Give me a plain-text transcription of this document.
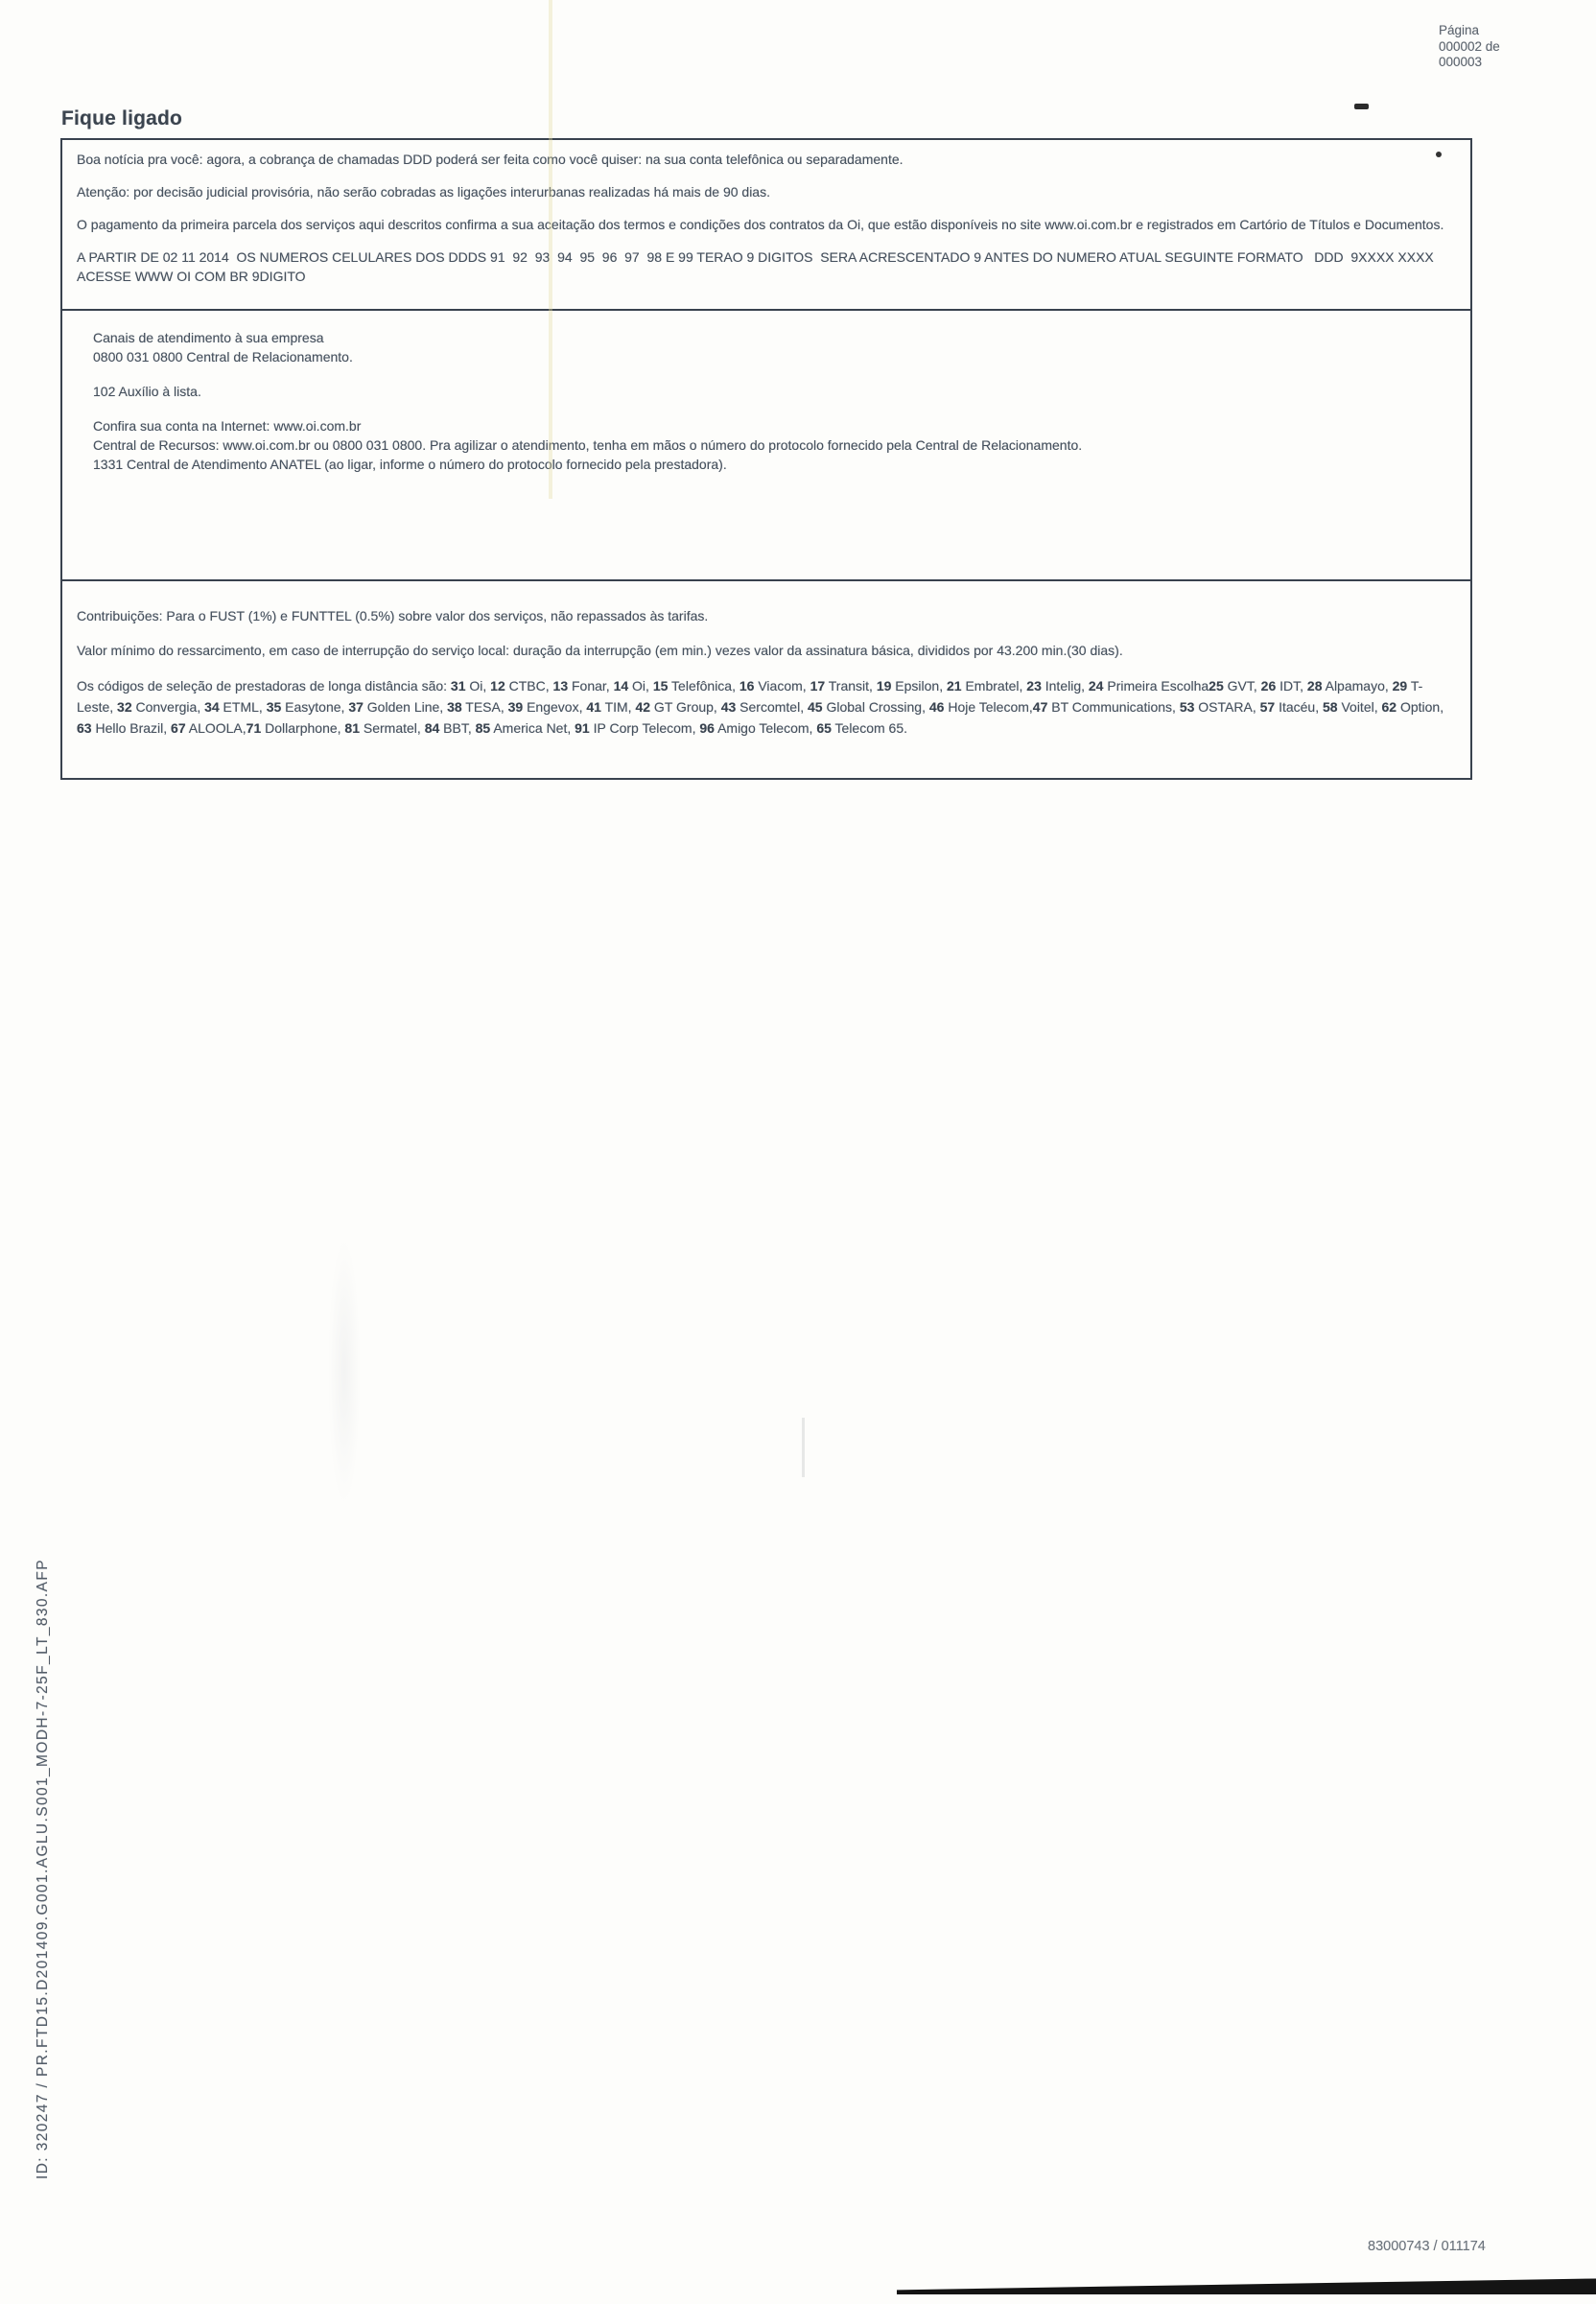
Página
000002 de
000003
Fique ligado

Boa notícia pra você: agora, a cobrança de chamadas DDD poderá ser feita como você quiser: na sua conta telefônica ou separadamente.

Atenção: por decisão judicial provisória, não serão cobradas as ligações interurbanas realizadas há mais de 90 dias.

O pagamento da primeira parcela dos serviços aqui descritos confirma a sua aceitação dos termos e condições dos contratos da Oi, que estão disponíveis no site www.oi.com.br e registrados em Cartório de Títulos e Documentos.

A PARTIR DE 02 11 2014  OS NUMEROS CELULARES DOS DDDS 91  92  93  94  95  96  97  98 E 99 TERAO 9 DIGITOS  SERA ACRESCENTADO 9 ANTES DO NUMERO ATUAL SEGUINTE FORMATO   DDD  9XXXX XXXX  ACESSE WWW OI COM BR 9DIGITO

Canais de atendimento à sua empresa
0800 031 0800 Central de Relacionamento.
102 Auxílio à lista.
Confira sua conta na Internet: www.oi.com.br
Central de Recursos: www.oi.com.br ou 0800 031 0800. Pra agilizar o atendimento, tenha em mãos o número do protocolo fornecido pela Central de Relacionamento.
1331 Central de Atendimento ANATEL (ao ligar, informe o número do protocolo fornecido pela prestadora).

Contribuições: Para o FUST (1%) e FUNTTEL (0.5%) sobre valor dos serviços, não repassados às tarifas.

Valor mínimo do ressarcimento, em caso de interrupção do serviço local: duração da interrupção (em min.) vezes valor da assinatura básica, divididos por 43.200 min.(30 dias).

Os códigos de seleção de prestadoras de longa distância são: 31 Oi, 12 CTBC, 13 Fonar, 14 Oi, 15 Telefônica, 16 Viacom, 17 Transit, 19 Epsilon, 21 Embratel, 23 Intelig, 24 Primeira Escolha25 GVT, 26 IDT, 28 Alpamayo, 29 T-Leste, 32 Convergia, 34 ETML, 35 Easytone, 37 Golden Line, 38 TESA, 39 Engevox, 41 TIM, 42 GT Group, 43 Sercomtel, 45 Global Crossing, 46 Hoje Telecom,47 BT Communications, 53 OSTARA, 57 Itacéu, 58 Voitel, 62 Option, 63 Hello Brazil, 67 ALOOLA,71 Dollarphone, 81 Sermatel, 84 BBT, 85 America Net, 91 IP Corp Telecom, 96 Amigo Telecom, 65 Telecom 65.

ID: 320247 / PR.FTD15.D201409.G001.AGLU.S001_MODH-7-25F_LT_830.AFP
83000743 / 011174
